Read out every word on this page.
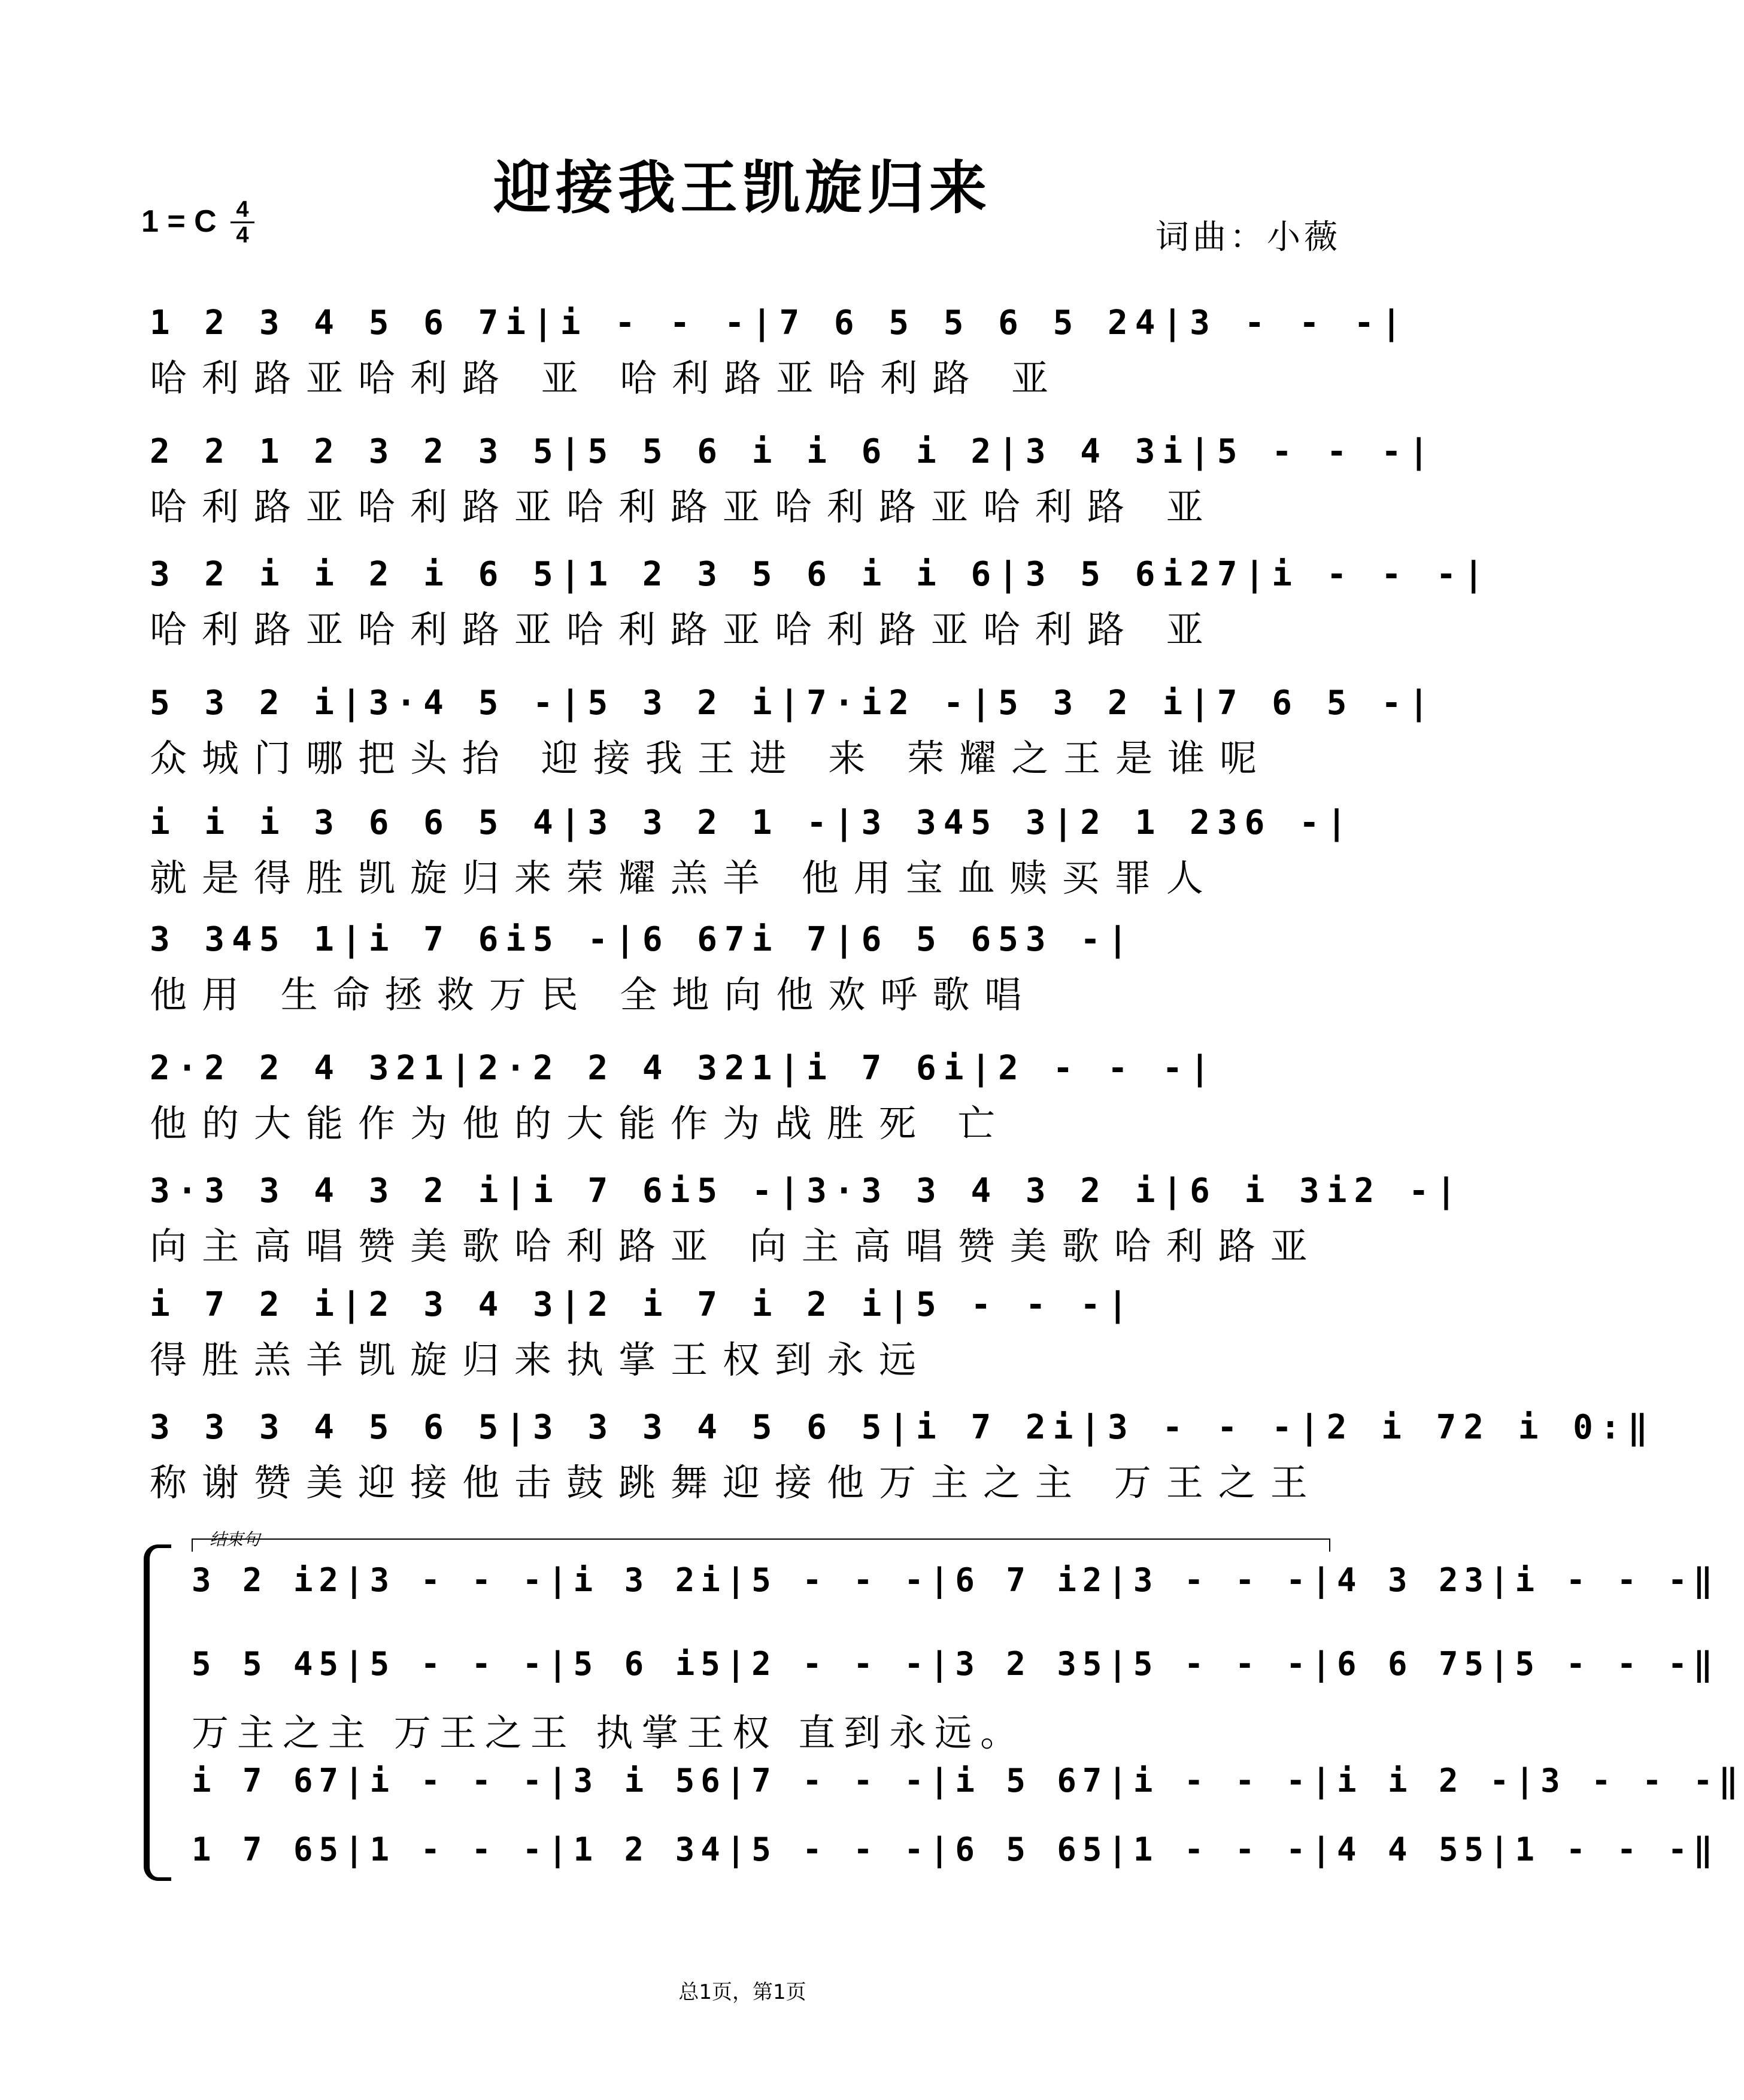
迎接我王凯旋归来
1 = C 4
4	词曲：小薇
1 2 3 4 5 6 7i|i - - -|7 6 5 5 6 5 24|3 - - -|
哈利路亚哈利路 亚 哈利路亚哈利路 亚
2 2 1 2 3 2 3 5|5 5 6 i i 6 i 2|3 4 3i|5 - - -|
哈利路亚哈利路亚哈利路亚哈利路亚哈利路 亚
3 2 i i 2 i 6 5|1 2 3 5 6 i i 6|3 5 6i27|i - - -|
哈利路亚哈利路亚哈利路亚哈利路亚哈利路 亚
5 3 2 i|3·4 5 -|5 3 2 i|7·i2 -|5 3 2 i|7 6 5 -|
众城门哪把头抬 迎接我王进 来 荣耀之王是谁呢
i i i 3 6 6 5 4|3 3 2 1 -|3 345 3|2 1 236 -|
就是得胜凯旋归来荣耀羔羊 他用宝血赎买罪人
3 345 1|i 7 6i5 -|6 67i 7|6 5 653 -|
他用 生命拯救万民 全地向他欢呼歌唱
2·2 2 4 321|2·2 2 4 321|i 7 6i|2 - - -|
他的大能作为他的大能作为战胜死 亡
3·3 3 4 3 2 i|i 7 6i5 -|3·3 3 4 3 2 i|6 i 3i2 -|
向主高唱赞美歌哈利路亚 向主高唱赞美歌哈利路亚
i 7 2 i|2 3 4 3|2 i 7 i 2 i|5 - - -|
得胜羔羊凯旋归来执掌王权到永远
3 3 3 4 5 6 5|3 3 3 4 5 6 5|i 7 2i|3 - - -|2 i 72 i 0:‖
称谢赞美迎接他击鼓跳舞迎接他万主之主 万王之王
结束句
3 2 i2|3 - - -|i 3 2i|5 - - -|6 7 i2|3 - - -|4 3 23|i - - -‖
5 5 45|5 - - -|5 6 i5|2 - - -|3 2 35|5 - - -|6 6 75|5 - - -‖
万主之主 万王之王 执掌王权 直到永远。
i 7 67|i - - -|3 i 56|7 - - -|i 5 67|i - - -|i i 2 -|3 - - -‖
1 7 65|1 - - -|1 2 34|5 - - -|6 5 65|1 - - -|4 4 55|1 - - -‖
总1页，第1页
